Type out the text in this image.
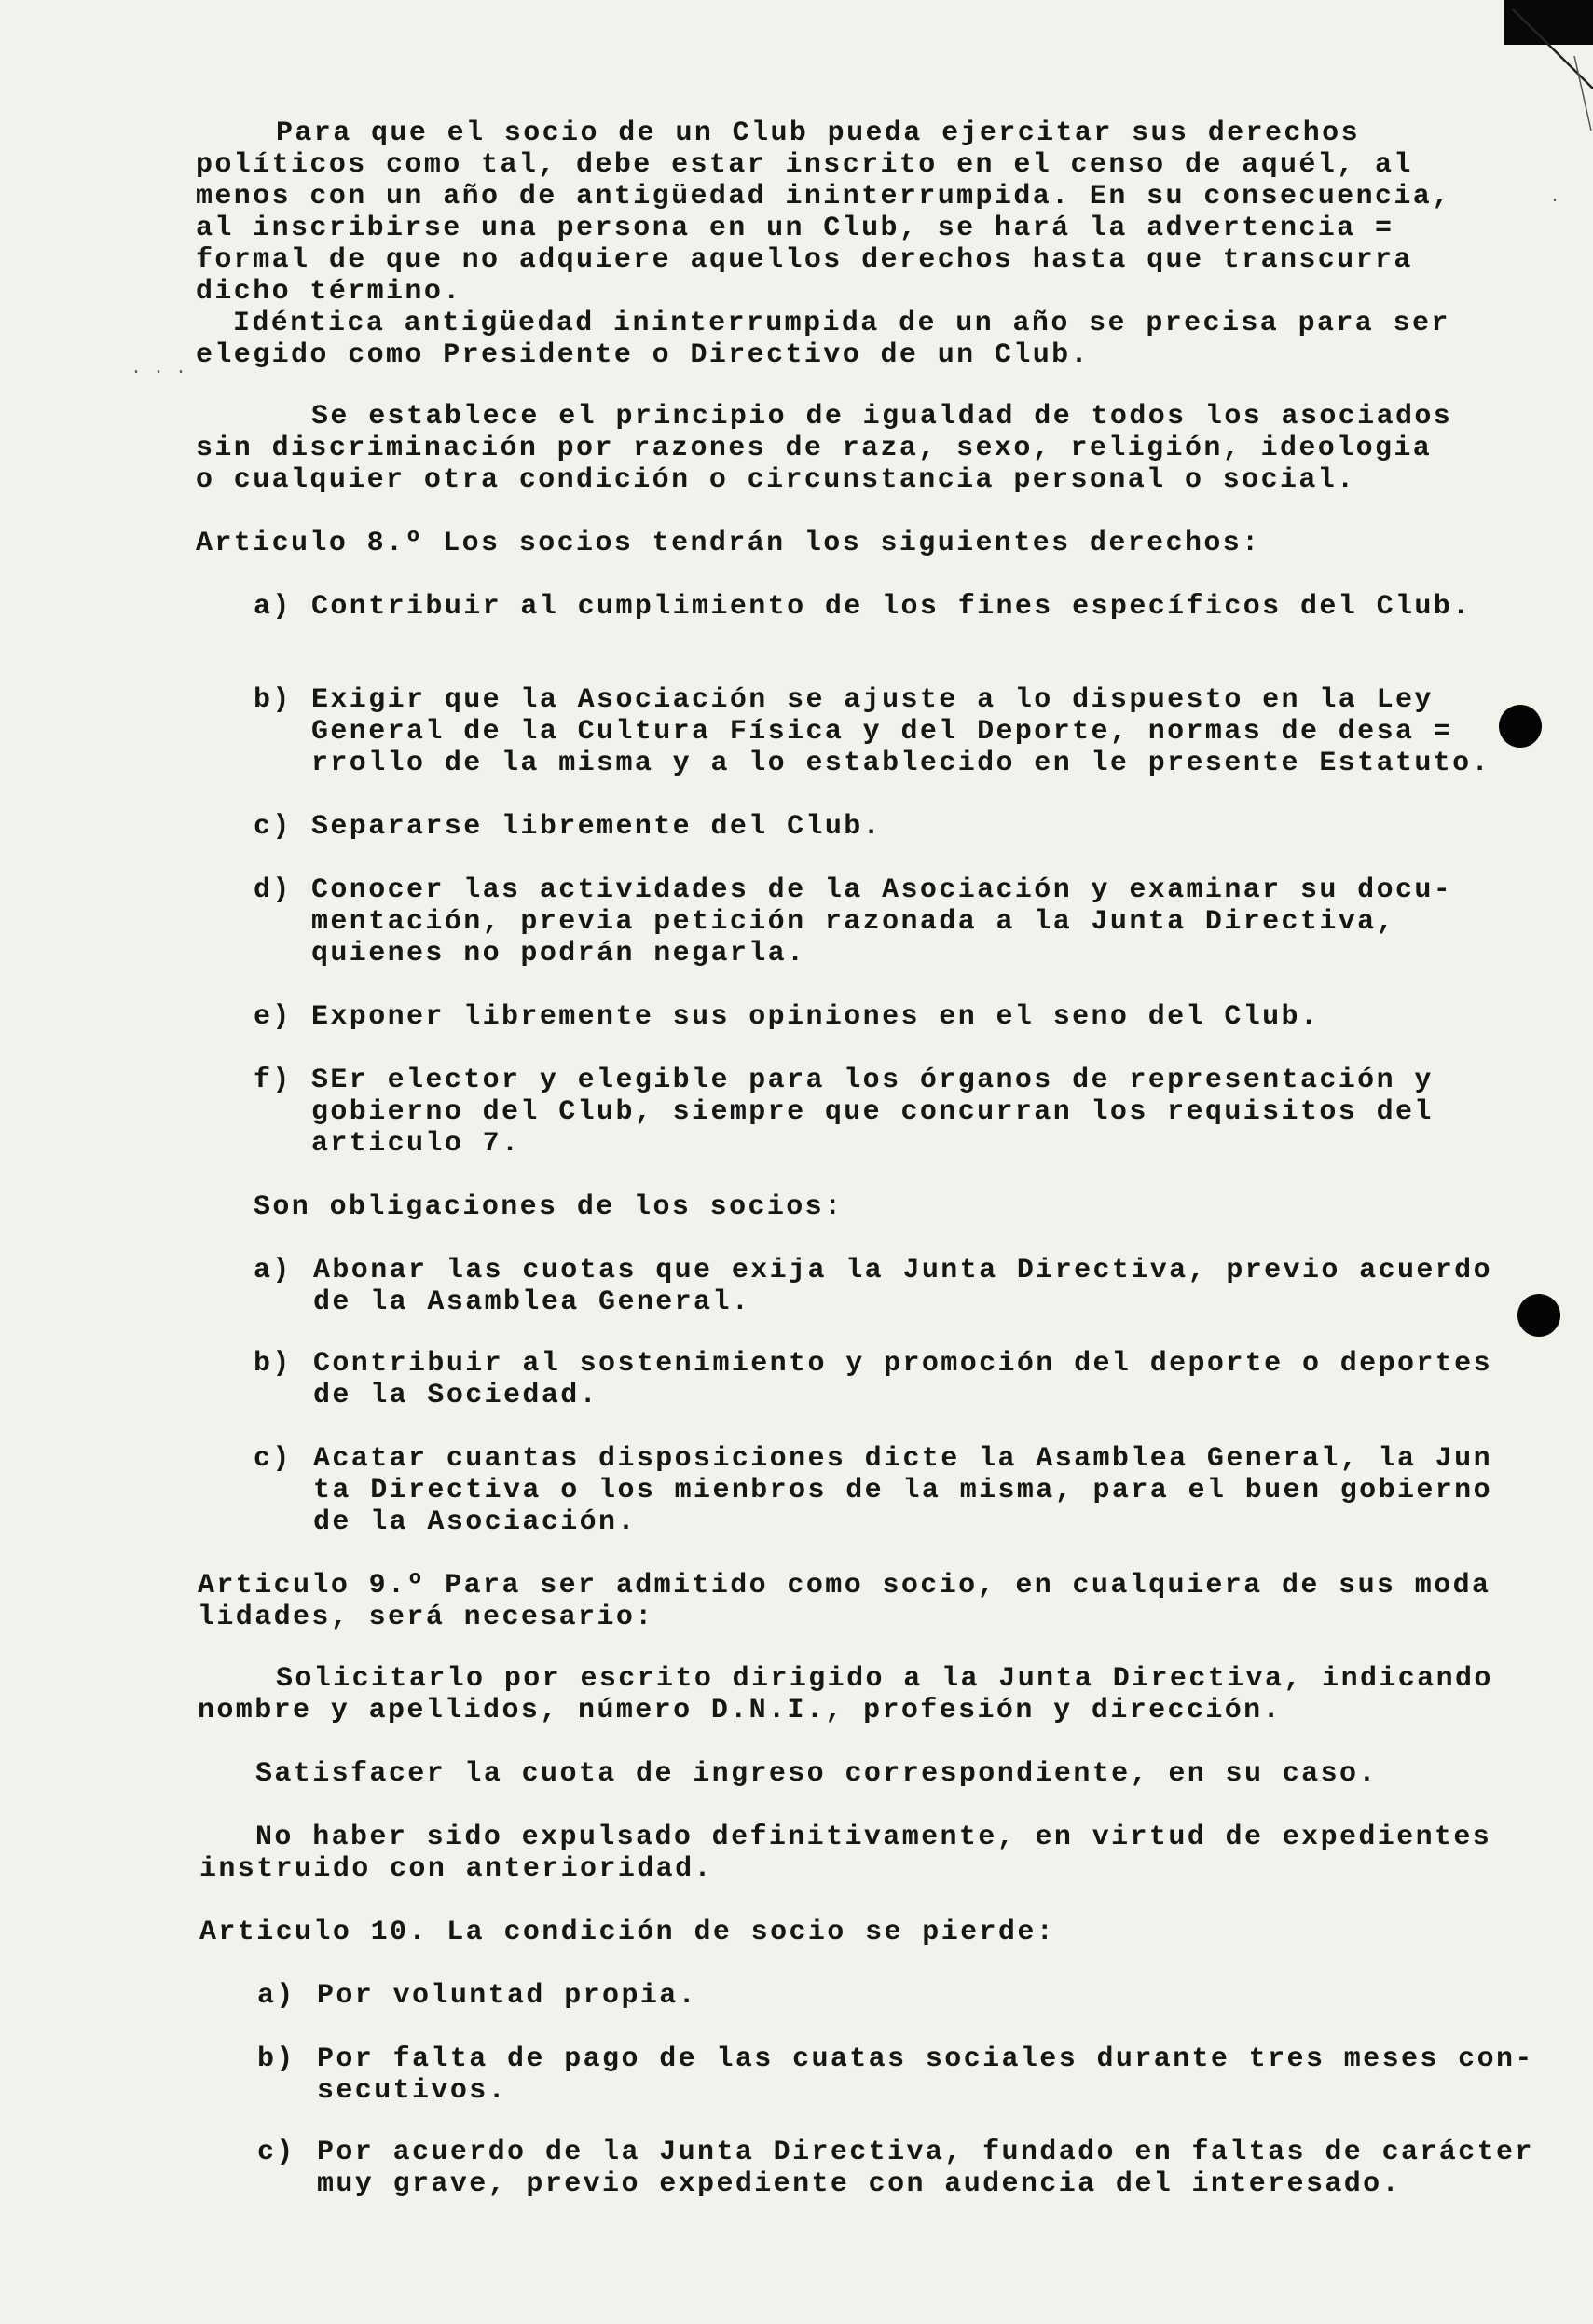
. . .
.

Para que el socio de un Club pueda ejercitar sus derechos

políticos como tal, debe estar inscrito en el censo de aquél, al

menos con un año de antigüedad ininterrumpida. En su consecuencia,

al inscribirse una persona en un Club, se hará la advertencia =

formal de que no adquiere aquellos derechos hasta que transcurra

dicho término.

Idéntica antigüedad ininterrumpida de un año se precisa para ser

elegido como Presidente o Directivo de un Club.

Se establece el principio de igualdad de todos los asociados

sin discriminación por razones de raza, sexo, religión, ideologia

o cualquier otra condición o circunstancia personal o social.

Articulo 8.º Los socios tendrán los siguientes derechos:

a) Contribuir al cumplimiento de los fines específicos del Club.

b) Exigir que la Asociación se ajuste a lo dispuesto en la Ley

General de la Cultura Física y del Deporte, normas de desa =

rrollo de la misma y a lo establecido en le presente Estatuto.

c) Separarse libremente del Club.

d) Conocer las actividades de la Asociación y examinar su docu-

mentación, previa petición razonada a la Junta Directiva,

quienes no podrán negarla.

e) Exponer libremente sus opiniones en el seno del Club.

f) SEr elector y elegible para los órganos de representación y

gobierno del Club, siempre que concurran los requisitos del

articulo 7.

Son obligaciones de los socios:

a) Abonar las cuotas que exija la Junta Directiva, previo acuerdo

de la Asamblea General.

b) Contribuir al sostenimiento y promoción del deporte o deportes

de la Sociedad.

c) Acatar cuantas disposiciones dicte la Asamblea General, la Jun

ta Directiva o los mienbros de la misma, para el buen gobierno

de la Asociación.

Articulo 9.º Para ser admitido como socio, en cualquiera de sus moda

lidades, será necesario:

Solicitarlo por escrito dirigido a la Junta Directiva, indicando

nombre y apellidos, número D.N.I., profesión y dirección.

Satisfacer la cuota de ingreso correspondiente, en su caso.

No haber sido expulsado definitivamente, en virtud de expedientes

instruido con anterioridad.

Articulo 10. La condición de socio se pierde:

a) Por voluntad propia.

b) Por falta de pago de las cuatas sociales durante tres meses con-

secutivos.

c) Por acuerdo de la Junta Directiva, fundado en faltas de carácter

muy grave, previo expediente con audencia del interesado.
